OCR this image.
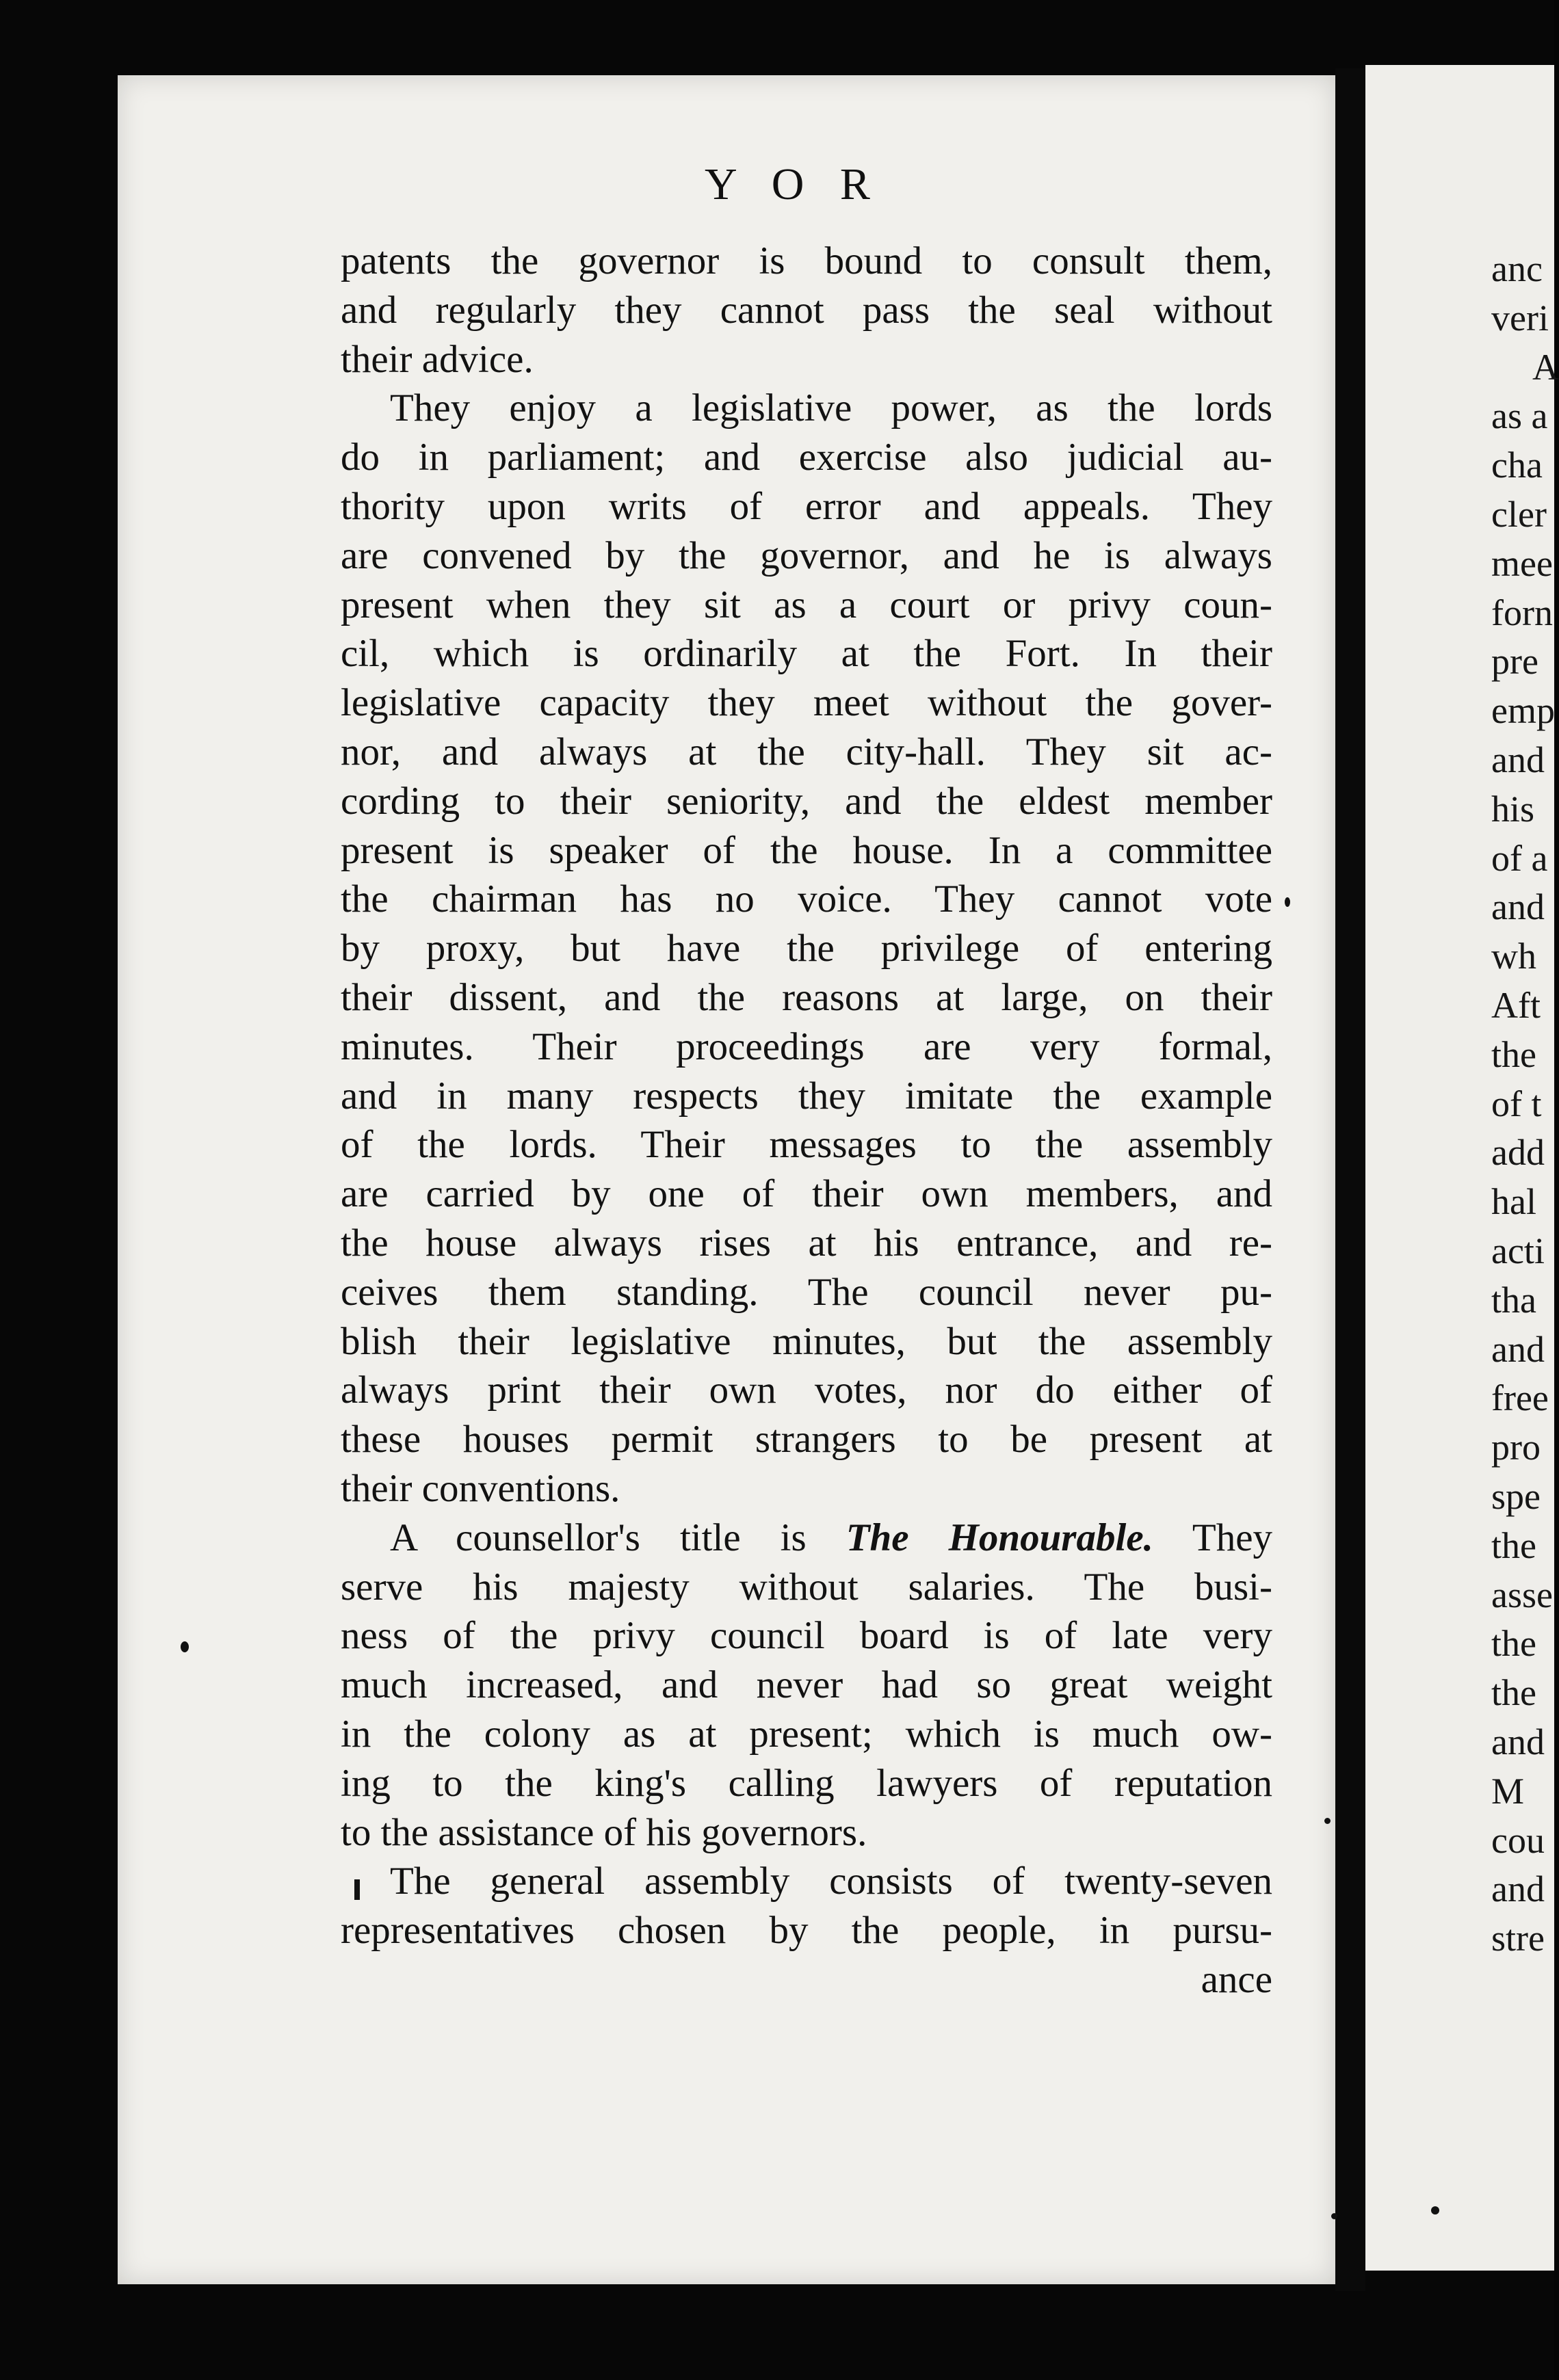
Y O R
patents the governor is bound to consult them,
and regularly they cannot pass the seal without
their advice.
They enjoy a legislative power, as the lords
do in parliament; and exercise also judicial au-
thority upon writs of error and appeals. They
are convened by the governor, and he is always
present when they sit as a court or privy coun-
cil, which is ordinarily at the Fort. In their
legislative capacity they meet without the gover-
nor, and always at the city-hall. They sit ac-
cording to their seniority, and the eldest member
present is speaker of the house. In a committee
the chairman has no voice. They cannot vote
by proxy, but have the privilege of entering
their dissent, and the reasons at large, on their
minutes. Their proceedings are very formal,
and in many respects they imitate the example
of the lords. Their messages to the assembly
are carried by one of their own members, and
the house always rises at his entrance, and re-
ceives them standing. The council never pu-
blish their legislative minutes, but the assembly
always print their own votes, nor do either of
these houses permit strangers to be present at
their conventions.
A counsellor's title is The Honourable. They
serve his majesty without salaries. The busi-
ness of the privy council board is of late very
much increased, and never had so great weight
in the colony as at present; which is much ow-
ing to the king's calling lawyers of reputation
to the assistance of his governors.
The general assembly consists of twenty-seven
representatives chosen by the people, in pursu-
ance
anc
veri
A
as a
cha
cler
mee
forn
pre
emp
and
his
of a
and
wh
Aft
the
of t
add
hal
acti
tha
and
free
pro
spe
the
asse
the
the
and
M
cou
and
stre
